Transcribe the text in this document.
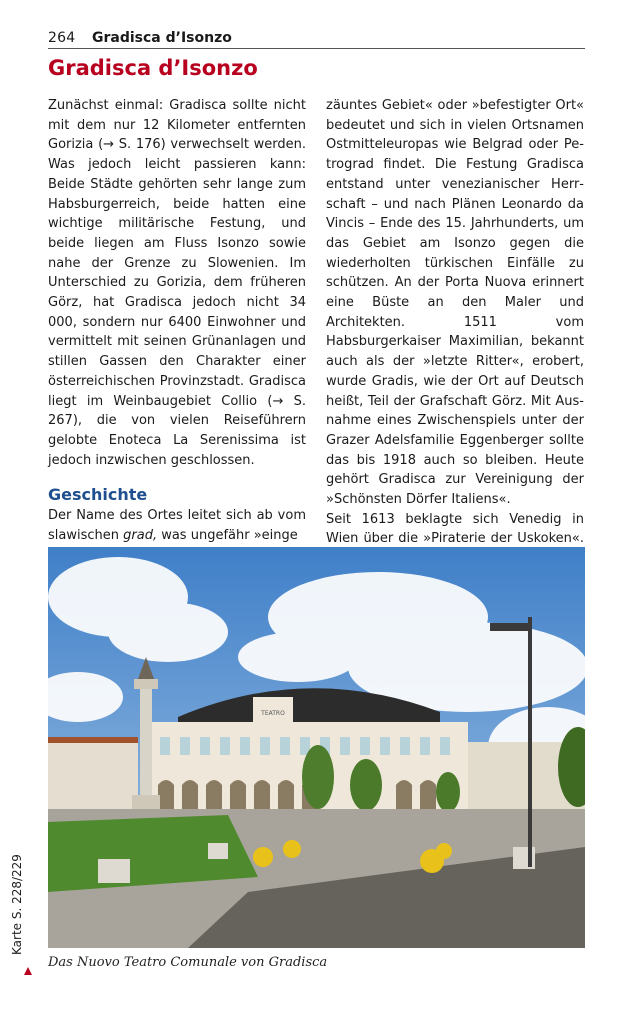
264 Gradisca d’Isonzo
Gradisca d’Isonzo

Zunächst einmal: Gradisca sollte nicht mit dem nur 12 Kilometer entfernten Gorizia (→ S. 176) verwechselt werden. Was jedoch leicht passieren kann: Beide Städte gehörten sehr lange zum Habsburgerreich, beide hatten eine wichtige militärische Festung, und beide liegen am Fluss Isonzo sowie nahe der Grenze zu Slowenien. Im Unterschied zu Gorizia, dem früheren Görz, hat Gradisca jedoch nicht 34 000, sondern nur 6400 Einwohner und vermittelt mit seinen Grünanlagen und stillen Gassen den Charakter einer österreichischen Provinzstadt. Gradisca liegt im Weinbaugebiet Collio (→ S. 267), die von vielen Reiseführern gelobte Enoteca La Serenissima ist jedoch inzwischen geschlossen.

Geschichte

Der Name des Ortes leitet sich ab vom slawischen grad, was ungefähr »einge

zäuntes Gebiet« oder »befestigter Ort« bedeutet und sich in vielen Ortsnamen Ostmitteleuropas wie Belgrad oder Petrograd findet. Die Festung Gradisca entstand unter venezianischer Herrschaft – und nach Plänen Leonardo da Vincis – Ende des 15. Jahrhunderts, um das Gebiet am Isonzo gegen die wiederholten türkischen Einfälle zu schützen. An der Porta Nuova erinnert eine Büste an den Maler und Architekten. 1511 vom Habsburgerkaiser Maximilian, bekannt auch als der »letzte Ritter«, erobert, wurde Gradis, wie der Ort auf Deutsch heißt, Teil der Grafschaft Görz. Mit Ausnahme eines Zwischenspiels unter der Grazer Adelsfamilie Eggenberger sollte das bis 1918 auch so bleiben. Heute gehört Gradisca zur Vereinigung der »Schönsten Dörfer Italiens«.

Seit 1613 beklagte sich Venedig in Wien über die »Piraterie der Uskoken«.

TEATRO
Das Nuovo Teatro Comunale von Gradisca
Karte S. 228/229
